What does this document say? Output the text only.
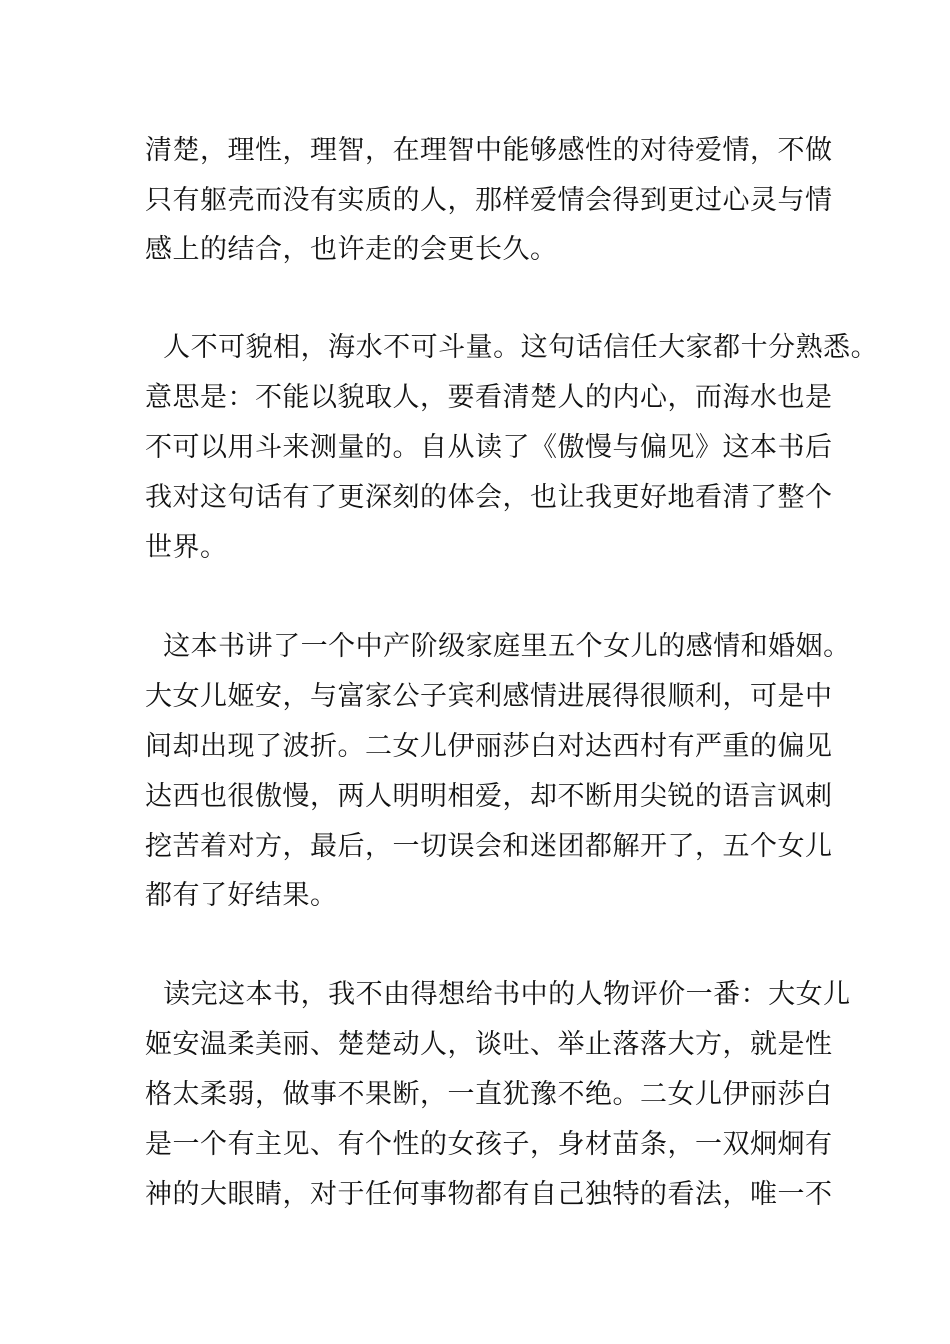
清楚，理性，理智，在理智中能够感性的对待爱情，不做
只有躯壳而没有实质的人，那样爱情会得到更过心灵与情
感上的结合，也许走的会更长久。
人不可貌相，海水不可斗量。这句话信任大家都十分熟悉。
意思是：不能以貌取人，要看清楚人的内心，而海水也是
不可以用斗来测量的。自从读了《傲慢与偏见》这本书后
我对这句话有了更深刻的体会，也让我更好地看清了整个
世界。
这本书讲了一个中产阶级家庭里五个女儿的感情和婚姻。
大女儿姬安，与富家公子宾利感情进展得很顺利，可是中
间却出现了波折。二女儿伊丽莎白对达西村有严重的偏见
达西也很傲慢，两人明明相爱，却不断用尖锐的语言讽刺
挖苦着对方，最后，一切误会和迷团都解开了，五个女儿
都有了好结果。
读完这本书，我不由得想给书中的人物评价一番：大女儿
姬安温柔美丽、楚楚动人，谈吐、举止落落大方，就是性
格太柔弱，做事不果断，一直犹豫不绝。二女儿伊丽莎白
是一个有主见、有个性的女孩子，身材苗条，一双炯炯有
神的大眼睛，对于任何事物都有自己独特的看法，唯一不
